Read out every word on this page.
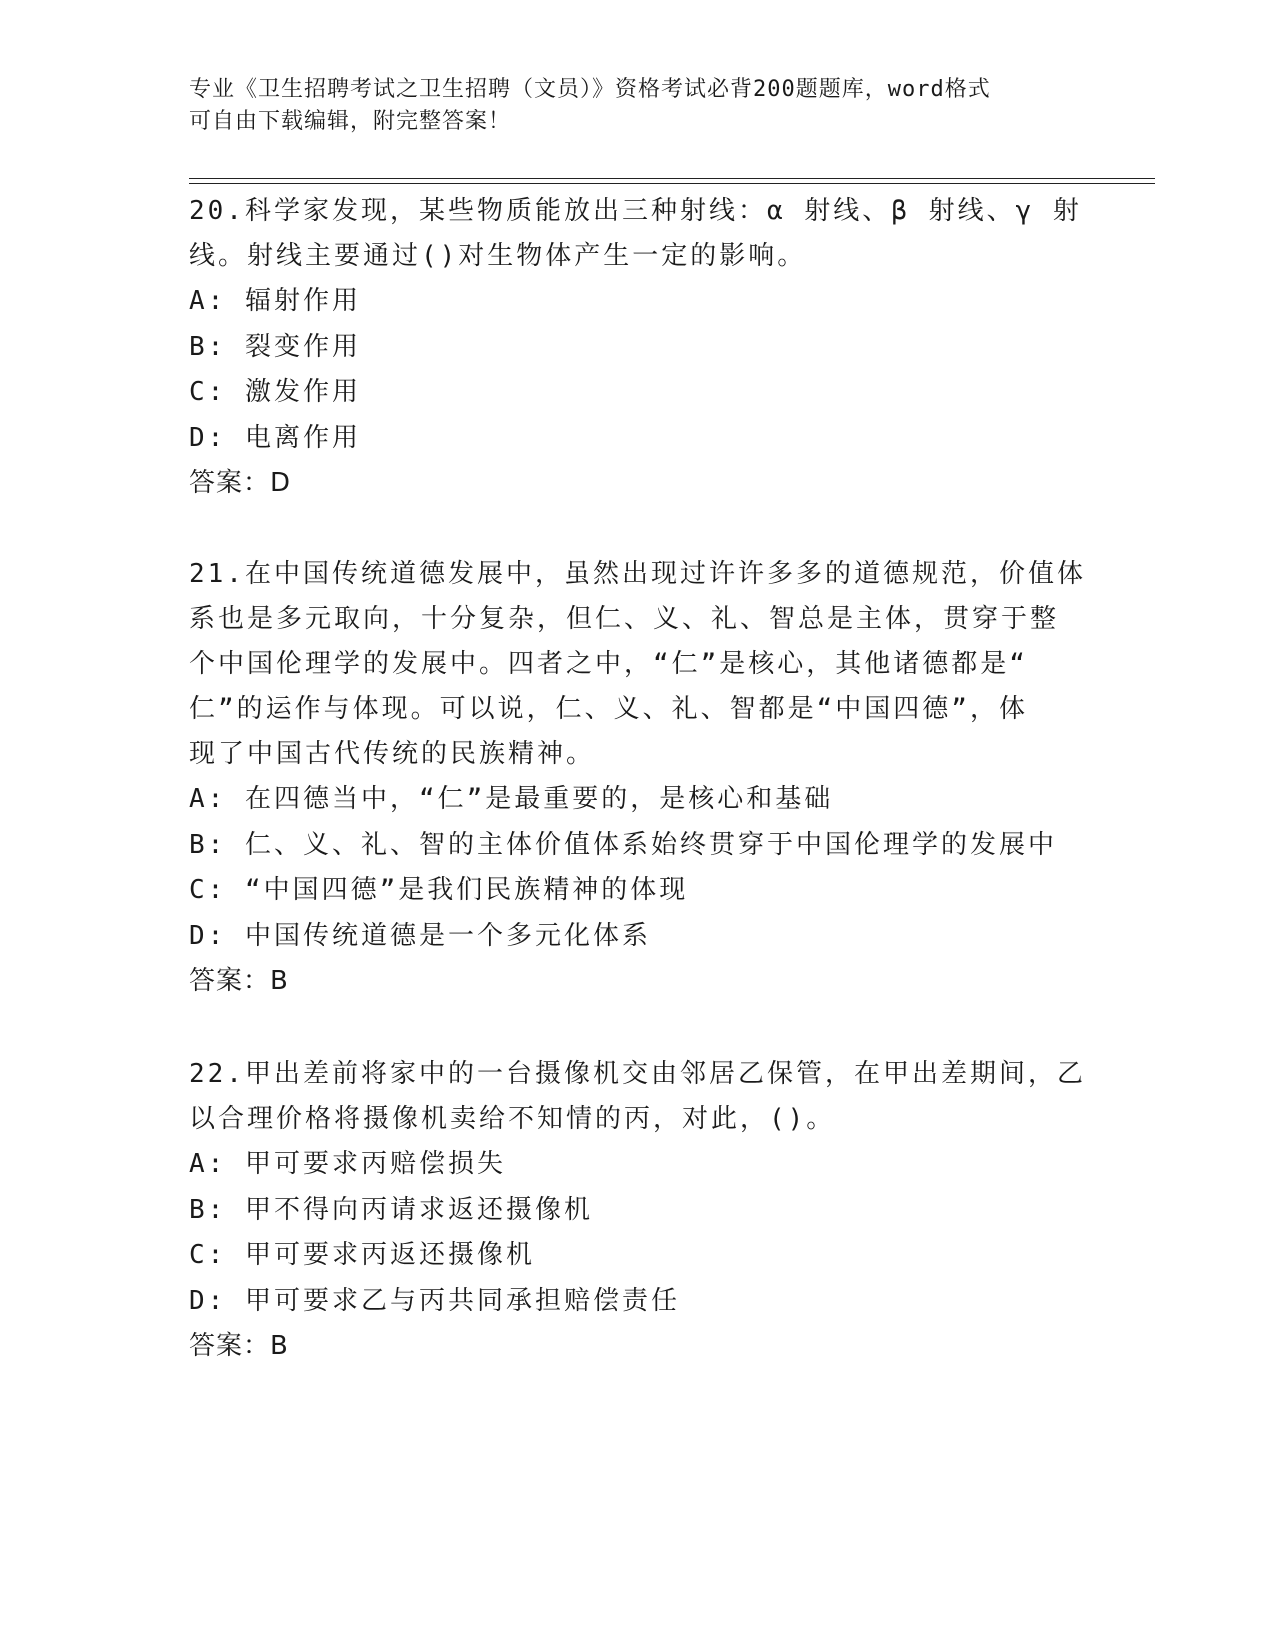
专业《卫生招聘考试之卫生招聘（文员）》资格考试必背200题题库，word格式
可自由下载编辑，附完整答案！
20.科学家发现，某些物质能放出三种射线：α 射线、β 射线、γ 射
线。射线主要通过()对生物体产生一定的影响。
A: 辐射作用
B: 裂变作用
C: 激发作用
D: 电离作用
答案：D
21.在中国传统道德发展中，虽然出现过许许多多的道德规范，价值体
系也是多元取向，十分复杂，但仁、义、礼、智总是主体，贯穿于整
个中国伦理学的发展中。四者之中，“仁”是核心，其他诸德都是“
仁”的运作与体现。可以说，仁、义、礼、智都是“中国四德”，体
现了中国古代传统的民族精神。
A: 在四德当中，“仁”是最重要的，是核心和基础
B: 仁、义、礼、智的主体价值体系始终贯穿于中国伦理学的发展中
C: “中国四德”是我们民族精神的体现
D: 中国传统道德是一个多元化体系
答案：B
22.甲出差前将家中的一台摄像机交由邻居乙保管，在甲出差期间，乙
以合理价格将摄像机卖给不知情的丙，对此，()。
A: 甲可要求丙赔偿损失
B: 甲不得向丙请求返还摄像机
C: 甲可要求丙返还摄像机
D: 甲可要求乙与丙共同承担赔偿责任
答案：B
